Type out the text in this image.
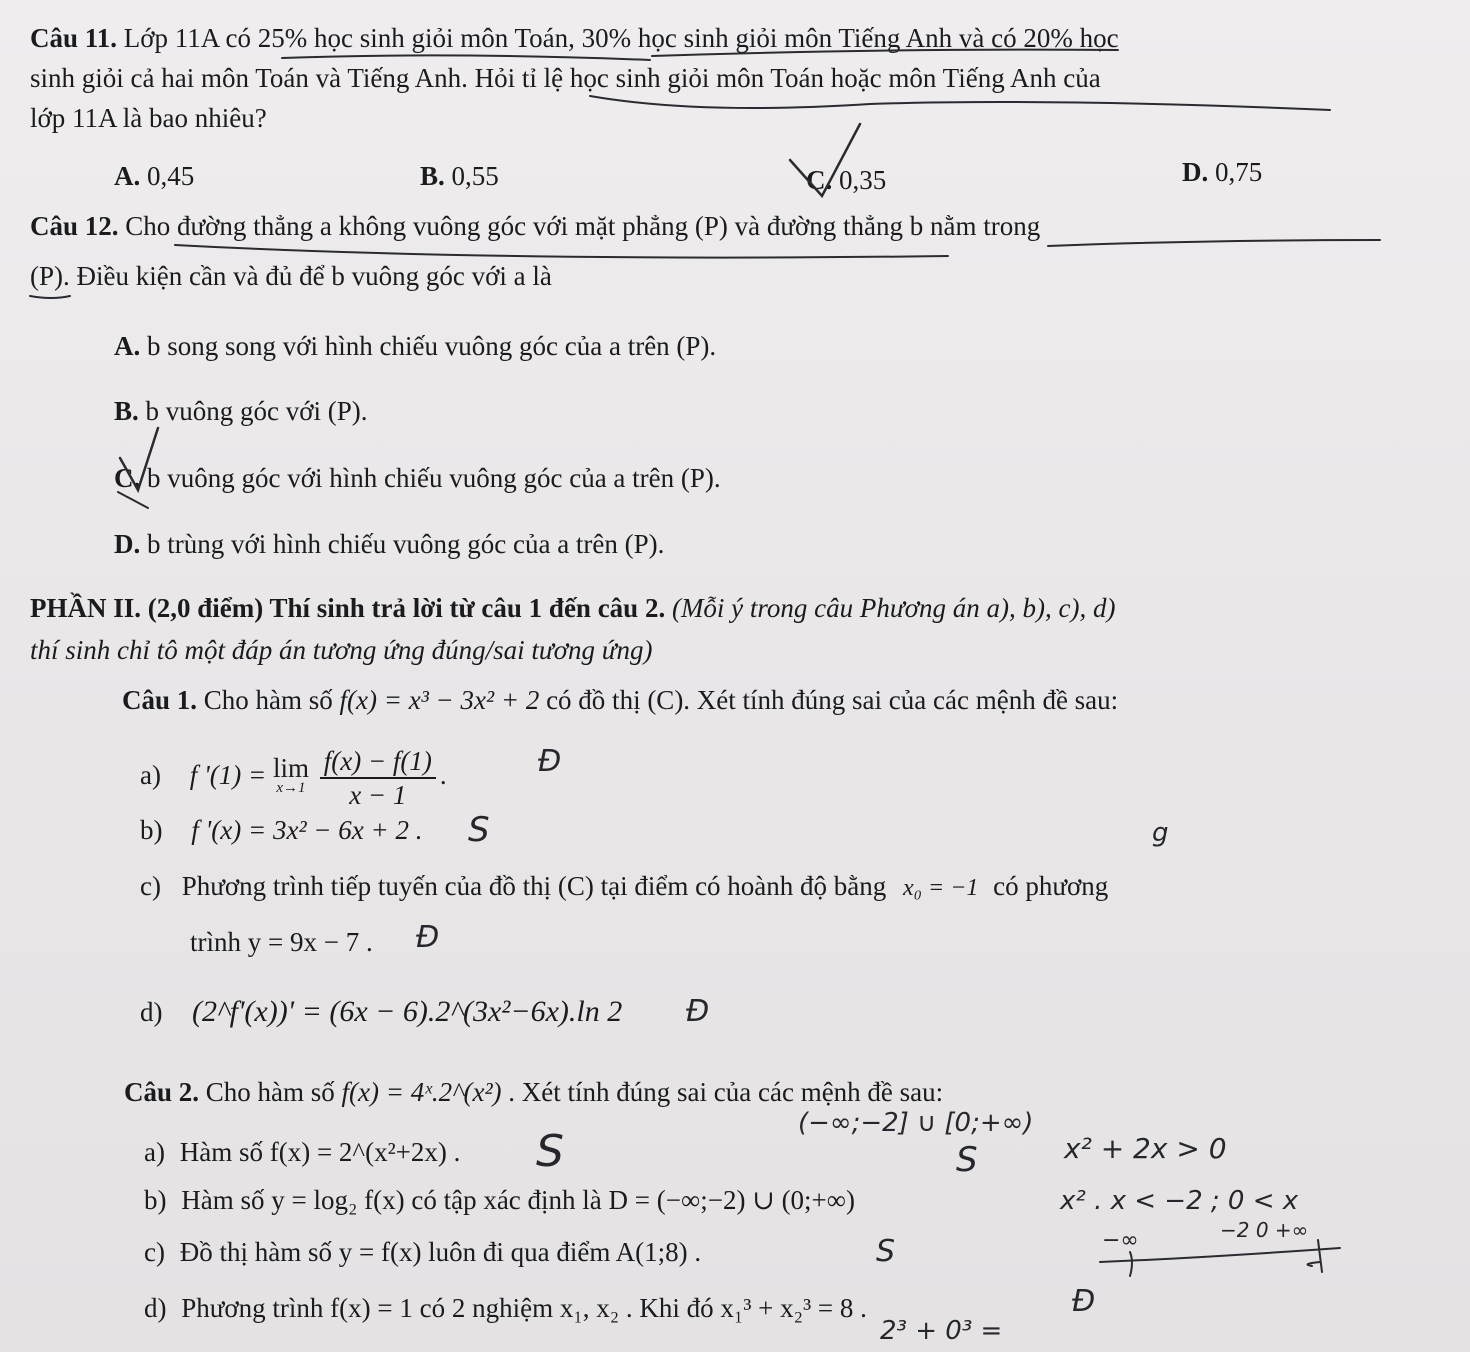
Câu 11. Lớp 11A có 25% học sinh giỏi môn Toán, 30% học sinh giỏi môn Tiếng Anh và có 20% học
sinh giỏi cả hai môn Toán và Tiếng Anh. Hỏi tỉ lệ học sinh giỏi môn Toán hoặc môn Tiếng Anh của
lớp 11A là bao nhiêu?
A. 0,45	B. 0,55	C. 0,35	D. 0,75
Câu 12. Cho đường thẳng a không vuông góc với mặt phẳng (P) và đường thẳng b nằm trong
(P). Điều kiện cần và đủ để b vuông góc với a là
A. b song song với hình chiếu vuông góc của a trên (P).
B. b vuông góc với (P).
C. b vuông góc với hình chiếu vuông góc của a trên (P).
D. b trùng với hình chiếu vuông góc của a trên (P).
PHẦN II. (2,0 điểm) Thí sinh trả lời từ câu 1 đến câu 2. (Mỗi ý trong câu Phương án a), b), c), d)
thí sinh chỉ tô một đáp án tương ứng đúng/sai tương ứng)
Câu 1. Cho hàm số f(x) = x³ − 3x² + 2 có đồ thị (C). Xét tính đúng sai của các mệnh đề sau:
a) f '(1) = lim
x→1
$\frac{f(x) - f(1)}{x - 1}$ .
b) f '(x) = 3x² − 6x + 2 .
c) Phương trình tiếp tuyến của đồ thị (C) tại điểm có hoành độ bằng x₀ = −1 có phương
trình y = 9x − 7 .
d) (2^f'(x))' = (6x − 6).2^(3x²−6x).ln 2
Câu 2. Cho hàm số f(x) = 4ˣ.2^(x²) . Xét tính đúng sai của các mệnh đề sau:
a) Hàm số f(x) = 2^(x²+2x) .
b) Hàm số y = log₂ f(x) có tập xác định là D = (−∞;−2) ∪ (0;+∞)
c) Đồ thị hàm số y = f(x) luôn đi qua điểm A(1;8) .
d) Phương trình f(x) = 1 có 2 nghiệm x₁, x₂ . Khi đó x₁³ + x₂³ = 8 .
Đ
S	g
Đ
Đ
S
(−∞;−2] ∪ [0;+∞)
S	x² + 2x > 0
x² . x < −2 ; 0 < x
−2 0 +∞
−∞
S
Đ
2³ + 0³ =
